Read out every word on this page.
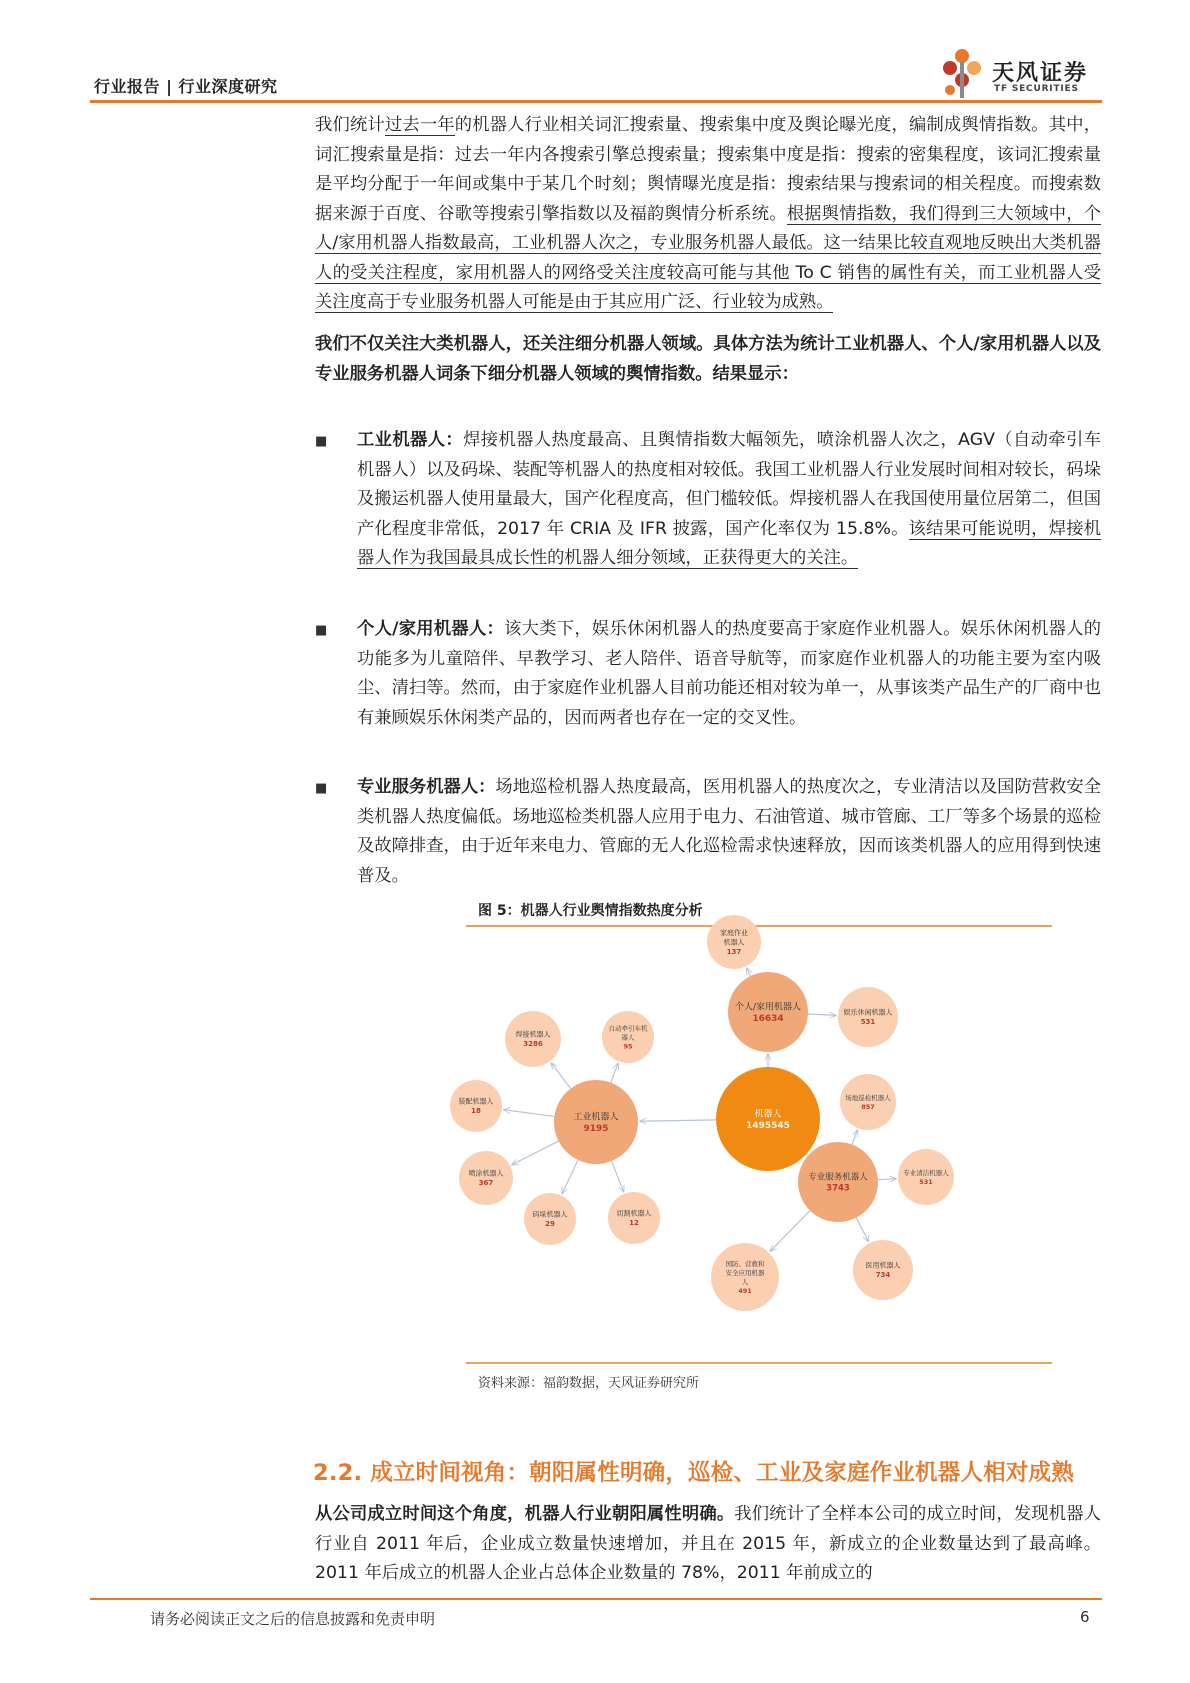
行业报告 | 行业深度研究
天风证券
TF SECURITIES

我们统计过去一年的机器人行业相关词汇搜索量、搜索集中度及舆论曝光度，编制成舆情指数。其中，词汇搜索量是指：过去一年内各搜索引擎总搜索量；搜索集中度是指：搜索的密集程度，该词汇搜索量是平均分配于一年间或集中于某几个时刻；舆情曝光度是指：搜索结果与搜索词的相关程度。而搜索数据来源于百度、谷歌等搜索引擎指数以及福韵舆情分析系统。根据舆情指数，我们得到三大领域中，个人/家用机器人指数最高，工业机器人次之，专业服务机器人最低。这一结果比较直观地反映出大类机器人的受关注程度，家用机器人的网络受关注度较高可能与其他 To C 销售的属性有关，而工业机器人受关注度高于专业服务机器人可能是由于其应用广泛、行业较为成熟。

我们不仅关注大类机器人，还关注细分机器人领域。具体方法为统计工业机器人、个人/家用机器人以及专业服务机器人词条下细分机器人领域的舆情指数。结果显示：
■	工业机器人：焊接机器人热度最高、且舆情指数大幅领先，喷涂机器人次之，AGV（自动牵引车机器人）以及码垛、装配等机器人的热度相对较低。我国工业机器人行业发展时间相对较长，码垛及搬运机器人使用量最大，国产化程度高，但门槛较低。焊接机器人在我国使用量位居第二，但国产化程度非常低，2017 年 CRIA 及 IFR 披露，国产化率仅为 15.8%。该结果可能说明，焊接机器人作为我国最具成长性的机器人细分领域，正获得更大的关注。
■	个人/家用机器人：该大类下，娱乐休闲机器人的热度要高于家庭作业机器人。娱乐休闲机器人的功能多为儿童陪伴、早教学习、老人陪伴、语音导航等，而家庭作业机器人的功能主要为室内吸尘、清扫等。然而，由于家庭作业机器人目前功能还相对较为单一，从事该类产品生产的厂商中也有兼顾娱乐休闲类产品的，因而两者也存在一定的交叉性。
■	专业服务机器人：场地巡检机器人热度最高，医用机器人的热度次之，专业清洁以及国防营救安全类机器人热度偏低。场地巡检类机器人应用于电力、石油管道、城市管廊、工厂等多个场景的巡检及故障排查，由于近年来电力、管廊的无人化巡检需求快速释放，因而该类机器人的应用得到快速普及。
图 5：机器人行业舆情指数热度分析
机器人
1495545
个人/家用机器人
16634
工业机器人
9195
专业服务机器人
3743
家庭作业
机器人
137
娱乐休闲机器人
531
焊接机器人
3286
自动牵引车机
器人
95
装配机器人
18
喷涂机器人
367
码垛机器人
29
切割机器人
12
场地巡检机器人
857
专业清洁机器人
531
国防、营救和
安全应用机器
人
491
医用机器人
734
资料来源：福韵数据，天风证券研究所
2.2. 成立时间视角：朝阳属性明确，巡检、工业及家庭作业机器人相对成熟
从公司成立时间这个角度，机器人行业朝阳属性明确。我们统计了全样本公司的成立时间，发现机器人行业自 2011 年后，企业成立数量快速增加，并且在 2015 年，新成立的企业数量达到了最高峰。2011 年后成立的机器人企业占总体企业数量的 78%，2011 年前成立的
请务必阅读正文之后的信息披露和免责申明	6
